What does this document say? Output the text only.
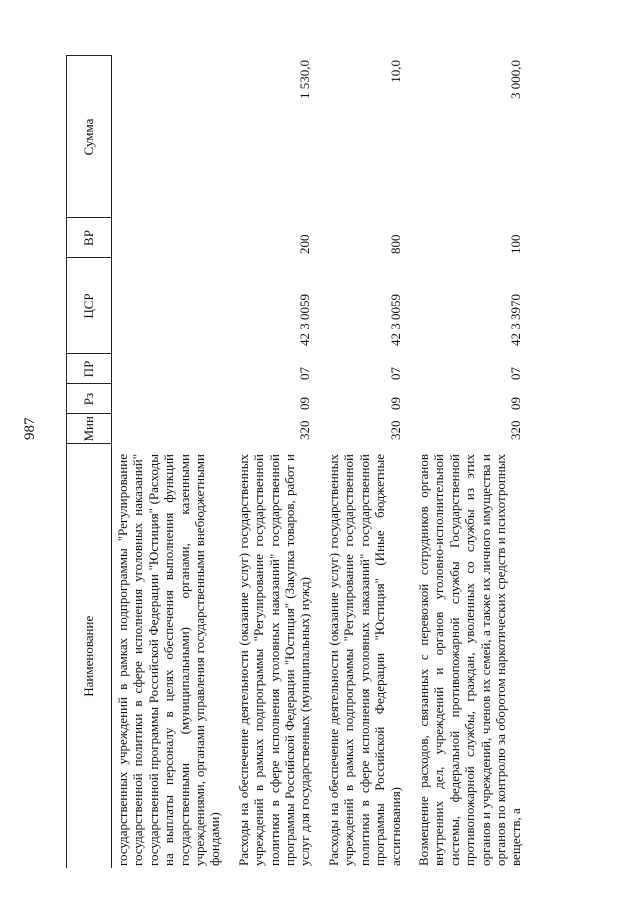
987
Наименование	Мин	Рз	ПР	ЦСР	ВР	Сумма
государственных учреждений в рамках подпрограммы "Регулирование государственной политики в сфере исполнения уголовных наказаний" государственной программы Российской Федерации "Юстиция" (Расходы на выплаты персоналу в целях обеспечения выполнения функций государственными (муниципальными) органами, казенными учреждениями, органами управления государственными внебюджетными фондами)						
Расходы на обеспечение деятельности (оказание услуг) государственных учреждений в рамках подпрограммы "Регулирование государственной политики в сфере исполнения уголовных наказаний" государственной программы Российской Федерации "Юстиция" (Закупка товаров, работ и услуг для государственных (муниципальных) нужд)	320	09	07	42 3 0059	200	1 530,0
Расходы на обеспечение деятельности (оказание услуг) государственных учреждений в рамках подпрограммы "Регулирование государственной политики в сфере исполнения уголовных наказаний" государственной программы Российской Федерации "Юстиция" (Иные бюджетные ассигнования)	320	09	07	42 3 0059	800	10,0
Возмещение расходов, связанных с перевозкой сотрудников органов внутренних дел, учреждений и органов уголовно-исполнительной системы, федеральной противопожарной службы Государственной противопожарной службы, граждан, уволенных со службы из этих органов и учреждений, членов их семей, а также их личного имущества и органов по контролю за оборотом наркотических средств и психотропных веществ, а	320	09	07	42 3 3970	100	3 000,0
